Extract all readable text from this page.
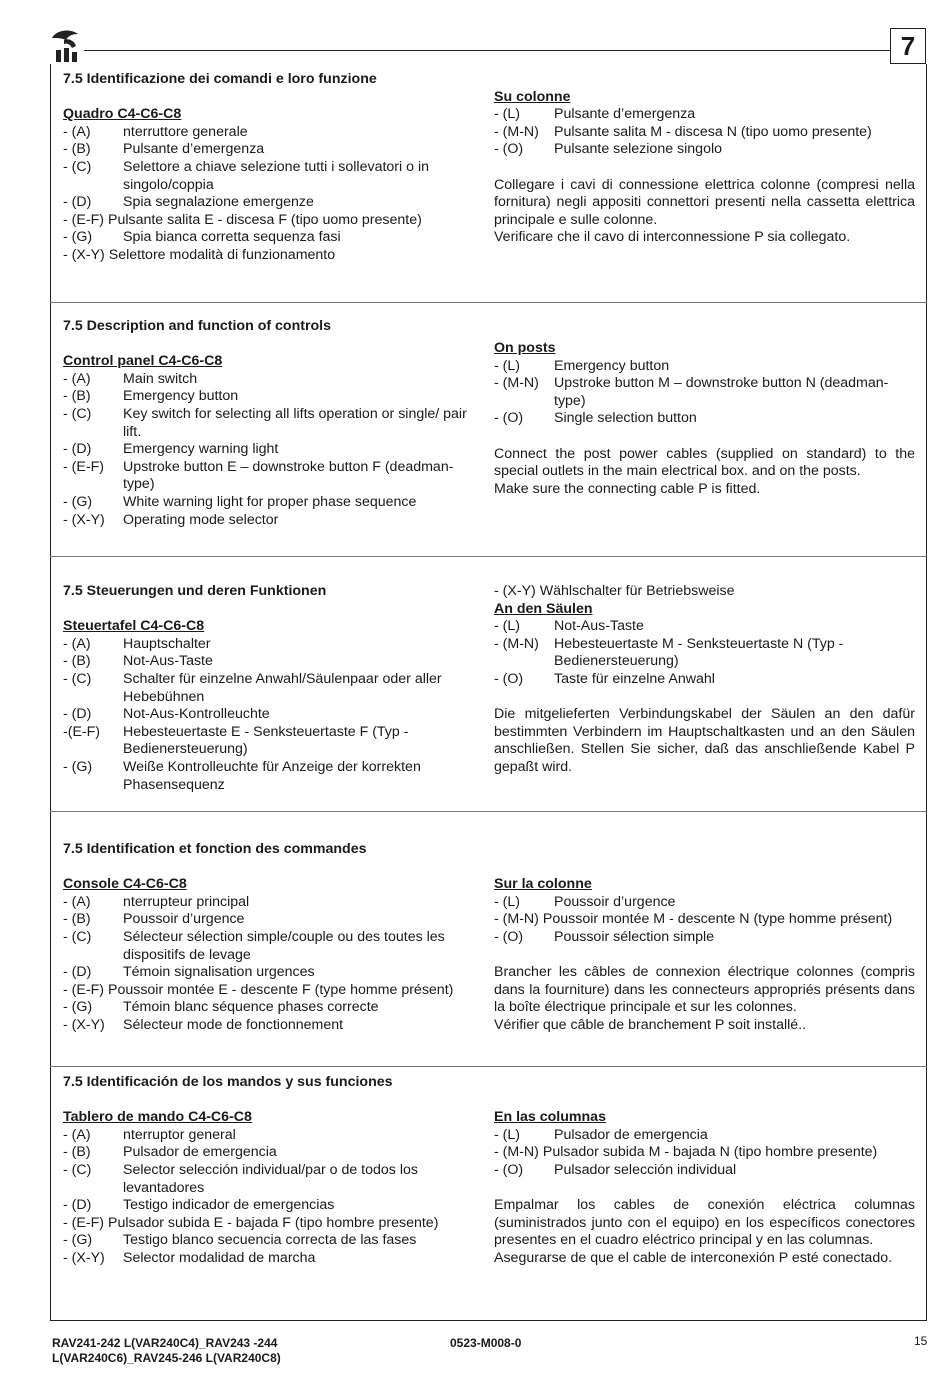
7
7.5 Identificazione dei comandi e loro funzione
Quadro C4-C6-C8
- (A)	nterruttore generale
- (B)	Pulsante d’emergenza
- (C)	Selettore a chiave selezione tutti i sollevatori o in singolo/coppia
- (D)	Spia segnalazione emergenze
- (E-F) Pulsante salita E - discesa F (tipo uomo presente)
- (G)	Spia bianca corretta sequenza fasi
- (X-Y) Selettore modalità di funzionamento
Su colonne
- (L)	Pulsante d’emergenza
- (M-N)	Pulsante salita M - discesa N (tipo uomo presente)
- (O)	Pulsante selezione singolo
Collegare i cavi di connessione elettrica colonne (compresi nella fornitura) negli appositi connettori presenti nella cassetta elettrica principale e sulle colonne.
Verificare che il cavo di interconnessione P sia collegato.
7.5 Description and function of controls
Control panel C4-C6-C8
- (A)	Main switch
- (B)	Emergency button
- (C)	Key switch for selecting all lifts operation or single/ pair lift.
- (D)	Emergency warning light
- (E-F)	Upstroke button E – downstroke button F (deadman-type)
- (G)	White warning light for proper phase sequence
- (X-Y)	Operating mode selector
On posts
- (L)	Emergency button
- (M-N)	Upstroke button M – downstroke button N (deadman-type)
- (O)	Single selection button
Connect the post power cables (supplied on standard) to the special outlets in the main electrical box. and on the posts.
Make sure the connecting cable P is fitted.
7.5 Steuerungen und deren Funktionen
Steuertafel C4-C6-C8
- (A)	Hauptschalter
- (B)	Not-Aus-Taste
- (C)	Schalter für einzelne Anwahl/Säulenpaar oder aller Hebebühnen
- (D)	Not-Aus-Kontrolleuchte
-(E-F)	Hebesteuertaste E - Senksteuertaste F (Typ - Bedienersteuerung)
- (G)	Weiße Kontrolleuchte für Anzeige der korrekten Phasensequenz
- (X-Y) Wählschalter für Betriebsweise
An den Säulen
- (L)	Not-Aus-Taste
- (M-N)	Hebesteuertaste M - Senksteuertaste N (Typ - Bedienersteuerung)
- (O)	Taste für einzelne Anwahl
Die mitgelieferten Verbindungskabel der Säulen an den dafür bestimmten Verbindern im Hauptschaltkasten und an den Säulen anschließen. Stellen Sie sicher, daß das anschließende Kabel P gepaßt wird.
7.5 Identification et fonction des commandes
Console C4-C6-C8
- (A)	nterrupteur principal
- (B)	Poussoir d’urgence
- (C)	Sélecteur sélection simple/couple ou des toutes les dispositifs de levage
- (D)	Témoin signalisation urgences
- (E-F) Poussoir montée E - descente F (type homme présent)
- (G)	Témoin blanc séquence phases correcte
- (X-Y)	Sélecteur mode de fonctionnement
Sur la colonne
- (L)	Poussoir d’urgence
- (M-N) Poussoir montée M - descente N (type homme présent)
- (O)	Poussoir sélection simple
Brancher les câbles de connexion électrique colonnes (compris dans la fourniture) dans les connecteurs appropriés présents dans la boîte électrique principale et sur les colonnes.
Vérifier que câble de branchement P soit installé..
7.5 Identificación de los mandos y sus funciones
Tablero de mando C4-C6-C8
- (A)	nterruptor general
- (B)	Pulsador de emergencia
- (C)	Selector selección individual/par o de todos los levantadores
- (D)	Testigo indicador de emergencias
- (E-F) Pulsador subida E - bajada F (tipo hombre presente)
- (G)	Testigo blanco secuencia correcta de las fases
- (X-Y)	Selector modalidad de marcha
En las columnas
- (L)	Pulsador de emergencia
- (M-N) Pulsador subida M - bajada N (tipo hombre presente)
- (O)	Pulsador selección individual
Empalmar los cables de conexión eléctrica columnas (suministrados junto con el equipo) en los específicos conectores presentes en el cuadro eléctrico principal y en las columnas.
Asegurarse de que el cable de interconexión P esté conectado.
RAV241-242 L(VAR240C4)_RAV243 -244
L(VAR240C6)_RAV245-246 L(VAR240C8)
0523-M008-0	15
